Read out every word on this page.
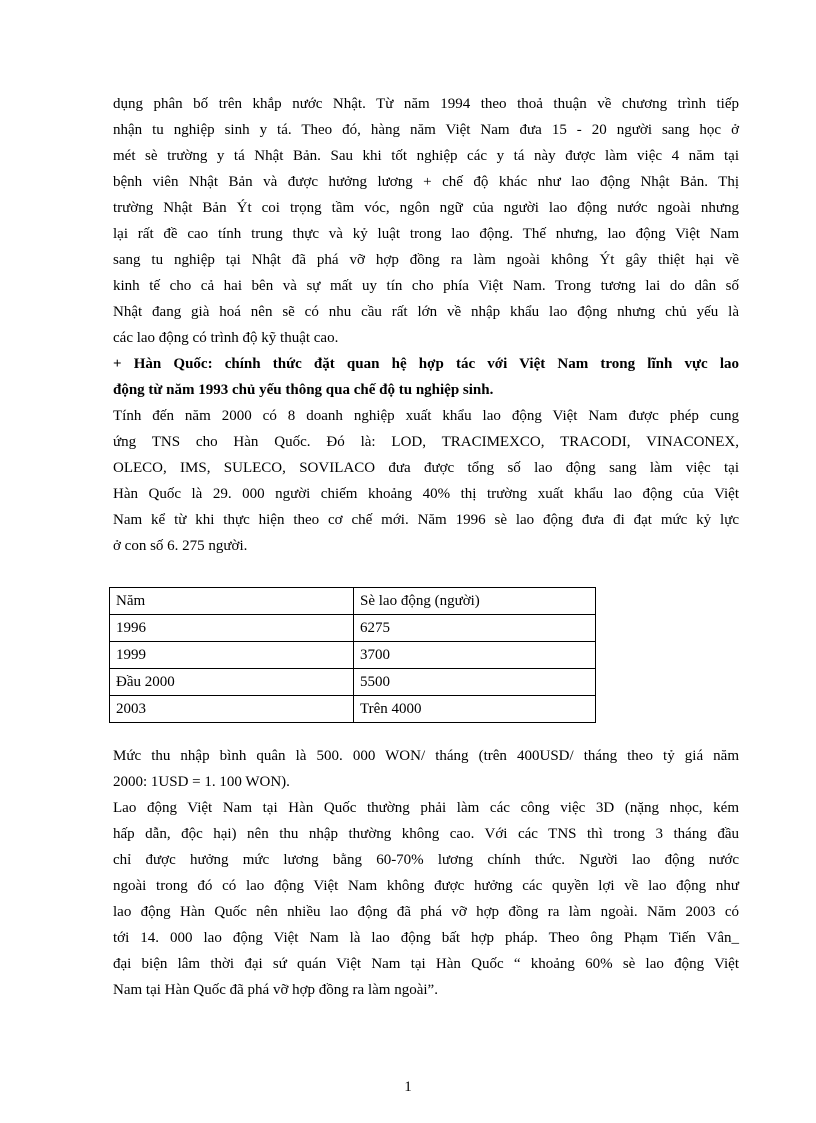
dụng phân bố trên khắp nước Nhật. Từ năm 1994 theo thoả thuận về chương trình tiếp
nhận tu nghiệp sinh y tá. Theo đó, hàng năm Việt Nam đưa 15 - 20 người sang học ở
mét sè trường y tá Nhật Bản. Sau khi tốt nghiệp các y tá này được làm việc 4 năm tại
bệnh viên Nhật Bản và được hưởng lương + chế độ khác như lao động Nhật Bản. Thị
trường Nhật Bản Ýt coi trọng tầm vóc, ngôn ngữ của người lao động nước ngoài nhưng
lại rất đề cao tính trung thực và kỷ luật trong lao động. Thế nhưng, lao động Việt Nam
sang tu nghiệp tại Nhật đã phá vỡ hợp đồng ra làm ngoài không Ýt gây thiệt hại về
kinh tế cho cả hai bên và sự mất uy tín cho phía Việt Nam. Trong tương lai do dân số
Nhật đang già hoá nên sẽ có nhu cầu rất lớn về nhập khẩu lao động nhưng chủ yếu là
các lao động có trình độ kỹ thuật cao.
+ Hàn Quốc: chính thức đặt quan hệ hợp tác với Việt Nam trong lĩnh vực lao
động từ năm 1993 chủ yếu thông qua chế độ tu nghiệp sinh.
Tính đến năm 2000 có 8 doanh nghiệp xuất khẩu lao động Việt Nam được phép cung
ứng TNS cho Hàn Quốc. Đó là: LOD, TRACIMEXCO, TRACODI, VINACONEX,
OLECO, IMS, SULECO, SOVILACO đưa được tổng số lao động sang làm việc tại
Hàn Quốc là 29. 000 người chiếm khoảng 40% thị trường xuất khẩu lao động của Việt
Nam kể từ khi thực hiện theo cơ chế mới. Năm 1996 sè lao động đưa đi đạt mức kỷ lực
ở con số 6. 275 người.
Năm	Sè lao động (người)
1996	6275
1999	3700
Đầu 2000	5500
2003	Trên 4000
Mức thu nhập bình quân là 500. 000 WON/ tháng (trên 400USD/ tháng theo tỷ giá năm
2000: 1USD = 1. 100 WON).
Lao động Việt Nam tại Hàn Quốc thường phải làm các công việc 3D (nặng nhọc, kém
hấp dẫn, độc hại) nên thu nhập thường không cao. Với các TNS thì trong 3 tháng đầu
chỉ được hưởng mức lương bằng 60-70% lương chính thức. Người lao động nước
ngoài trong đó có lao động Việt Nam không được hưởng các quyền lợi về lao động như
lao động Hàn Quốc nên nhiều lao động đã phá vỡ hợp đồng ra làm ngoài. Năm 2003 có
tới 14. 000 lao động Việt Nam là lao động bất hợp pháp. Theo ông Phạm Tiến Vân_
đại biện lâm thời đại sứ quán Việt Nam tại Hàn Quốc “ khoảng 60% sè lao động Việt
Nam tại Hàn Quốc đã phá vỡ hợp đồng ra làm ngoài”.
1
